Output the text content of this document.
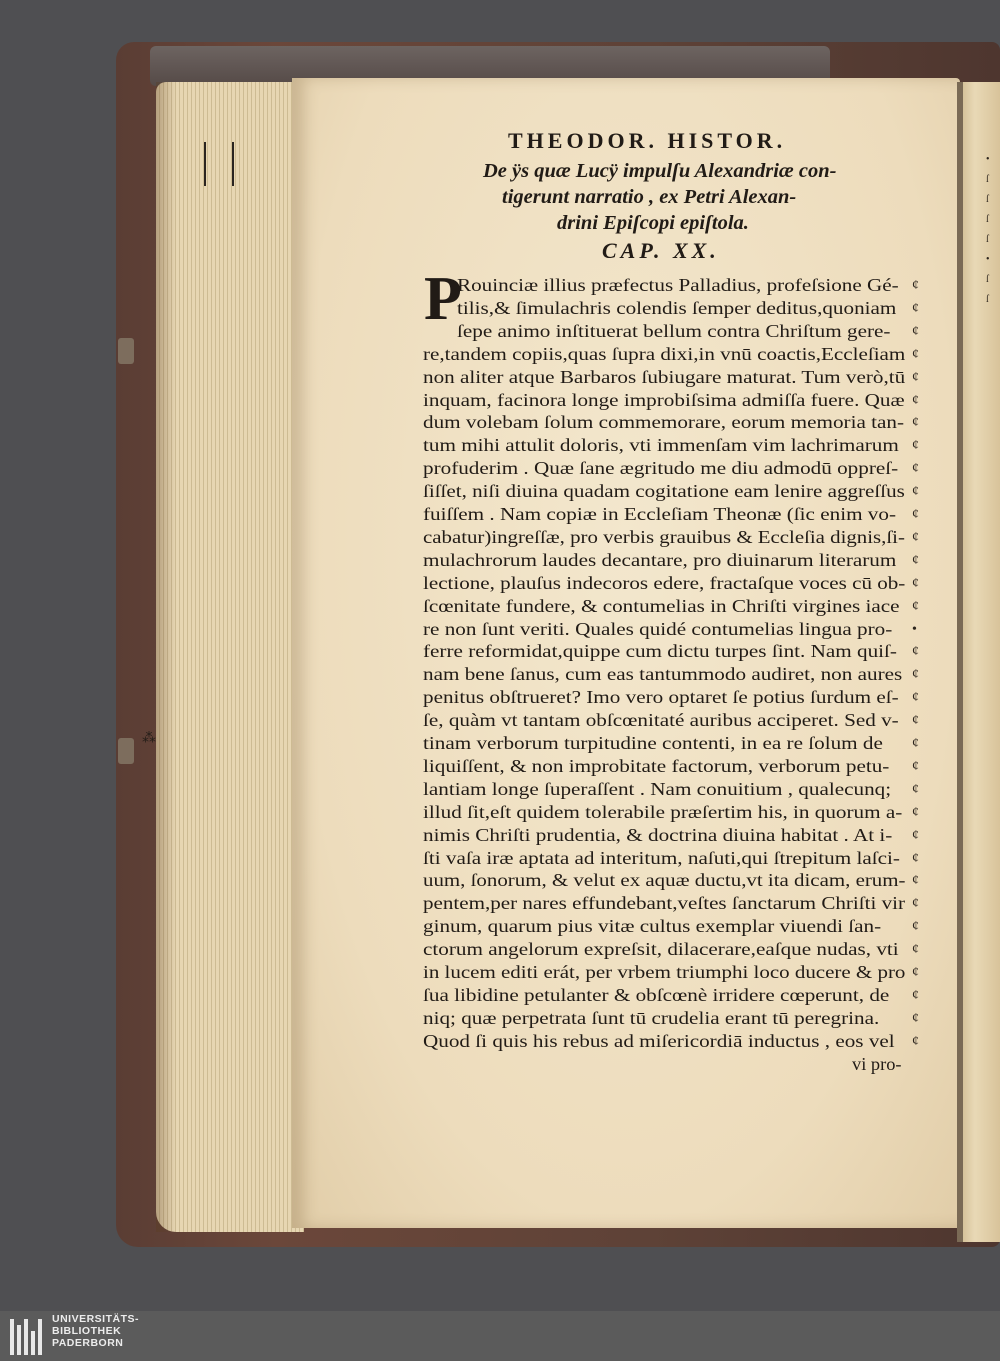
⁂
•
ſ
ſ
ſ
ſ
•
ſ
ſ
THEODOR. HISTOR.
De ÿs quæ Lucÿ impulſu Alexandriæ con-
tigerunt narratio , ex Petri Alexan-
drini Epiſcopi epiſtola.
CAP. XX.
P
Rouinciæ illius præfectus Palladius, profeſsione Gé-
tilis,& ſimulachris colendis ſemper deditus,quoniam
ſepe animo inſtituerat bellum contra Chriſtum gere-
re,tandem copiis,quas ſupra dixi,in vnū coactis,Eccleſiam
non aliter atque Barbaros ſubiugare maturat. Tum verò,tū
inquam, facinora longe improbiſsima admiſſa fuere. Quæ
dum volebam ſolum commemorare, eorum memoria tan-
tum mihi attulit doloris, vti immenſam vim lachrimarum
profuderim . Quæ ſane ægritudo me diu admodū oppreſ-
ſiſſet, niſi diuina quadam cogitatione eam lenire aggreſſus
fuiſſem . Nam copiæ in Eccleſiam Theonæ (ſic enim vo-
cabatur)ingreſſæ, pro verbis grauibus & Eccleſia dignis,ſi-
mulachrorum laudes decantare, pro diuinarum literarum
lectione, plauſus indecoros edere, fractaſque voces cū ob-
ſcœnitate fundere, & contumelias in Chriſti virgines iace
re non ſunt veriti. Quales quidé contumelias lingua pro-
ferre reformidat,quippe cum dictu turpes ſint. Nam quiſ-
nam bene ſanus, cum eas tantummodo audiret, non aures
penitus obſtrueret? Imo vero optaret ſe potius ſurdum eſ-
ſe, quàm vt tantam obſcœnitaté auribus acciperet. Sed v-
tinam verborum turpitudine contenti, in ea re ſolum de
liquiſſent, & non improbitate factorum, verborum petu-
lantiam longe ſuperaſſent . Nam conuitium , qualecunq;
illud ſit,eſt quidem tolerabile præſertim his, in quorum a-
nimis Chriſti prudentia, & doctrina diuina habitat . At i-
ſti vaſa iræ aptata ad interitum, naſuti,qui ſtrepitum laſci-
uum, ſonorum, & velut ex aquæ ductu,vt ita dicam, erum-
pentem,per nares effundebant,veſtes ſanctarum Chriſti vir
ginum, quarum pius vitæ cultus exemplar viuendi ſan-
ctorum angelorum expreſsit, dilacerare,eaſque nudas, vti
in lucem editi erát, per vrbem triumphi loco ducere & pro
ſua libidine petulanter & obſcœnè irridere cœperunt, de
niq; quæ perpetrata ſunt tū crudelia erant tū peregrina.
Quod ſi quis his rebus ad miſericordiā inductus , eos vel
¢
¢
¢
¢
¢
¢
¢
¢
¢
¢
¢
¢
¢
¢
¢
•
¢
¢
¢
¢
¢
¢
¢
¢
¢
¢
¢
¢
¢
¢
¢
¢
¢
¢
vi pro-
UNIVERSITÄTS-
BIBLIOTHEK
PADERBORN
